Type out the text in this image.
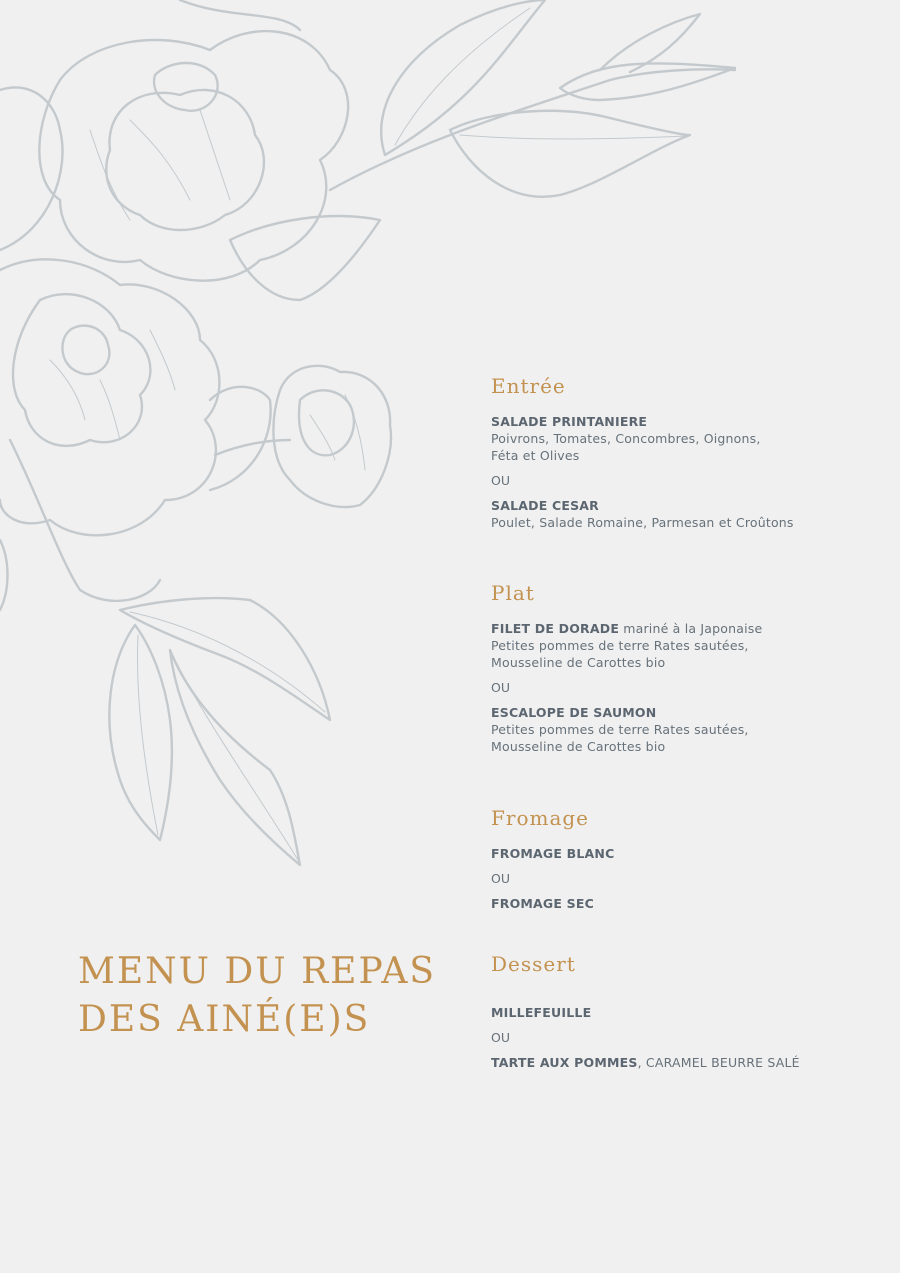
MENU DU REPAS
DES AINÉ(E)S
Entrée
SALADE PRINTANIERE
Poivrons, Tomates, Concombres, Oignons,
Féta et Olives
OU
SALADE CESAR
Poulet, Salade Romaine, Parmesan et Croûtons
Plat
FILET DE DORADE mariné à la Japonaise
Petites pommes de terre Rates sautées,
Mousseline de Carottes bio
OU
ESCALOPE DE SAUMON
Petites pommes de terre Rates sautées,
Mousseline de Carottes bio
Fromage
FROMAGE BLANC
OU
FROMAGE SEC
Dessert
MILLEFEUILLE
OU
TARTE AUX POMMES, CARAMEL BEURRE SALÉ
